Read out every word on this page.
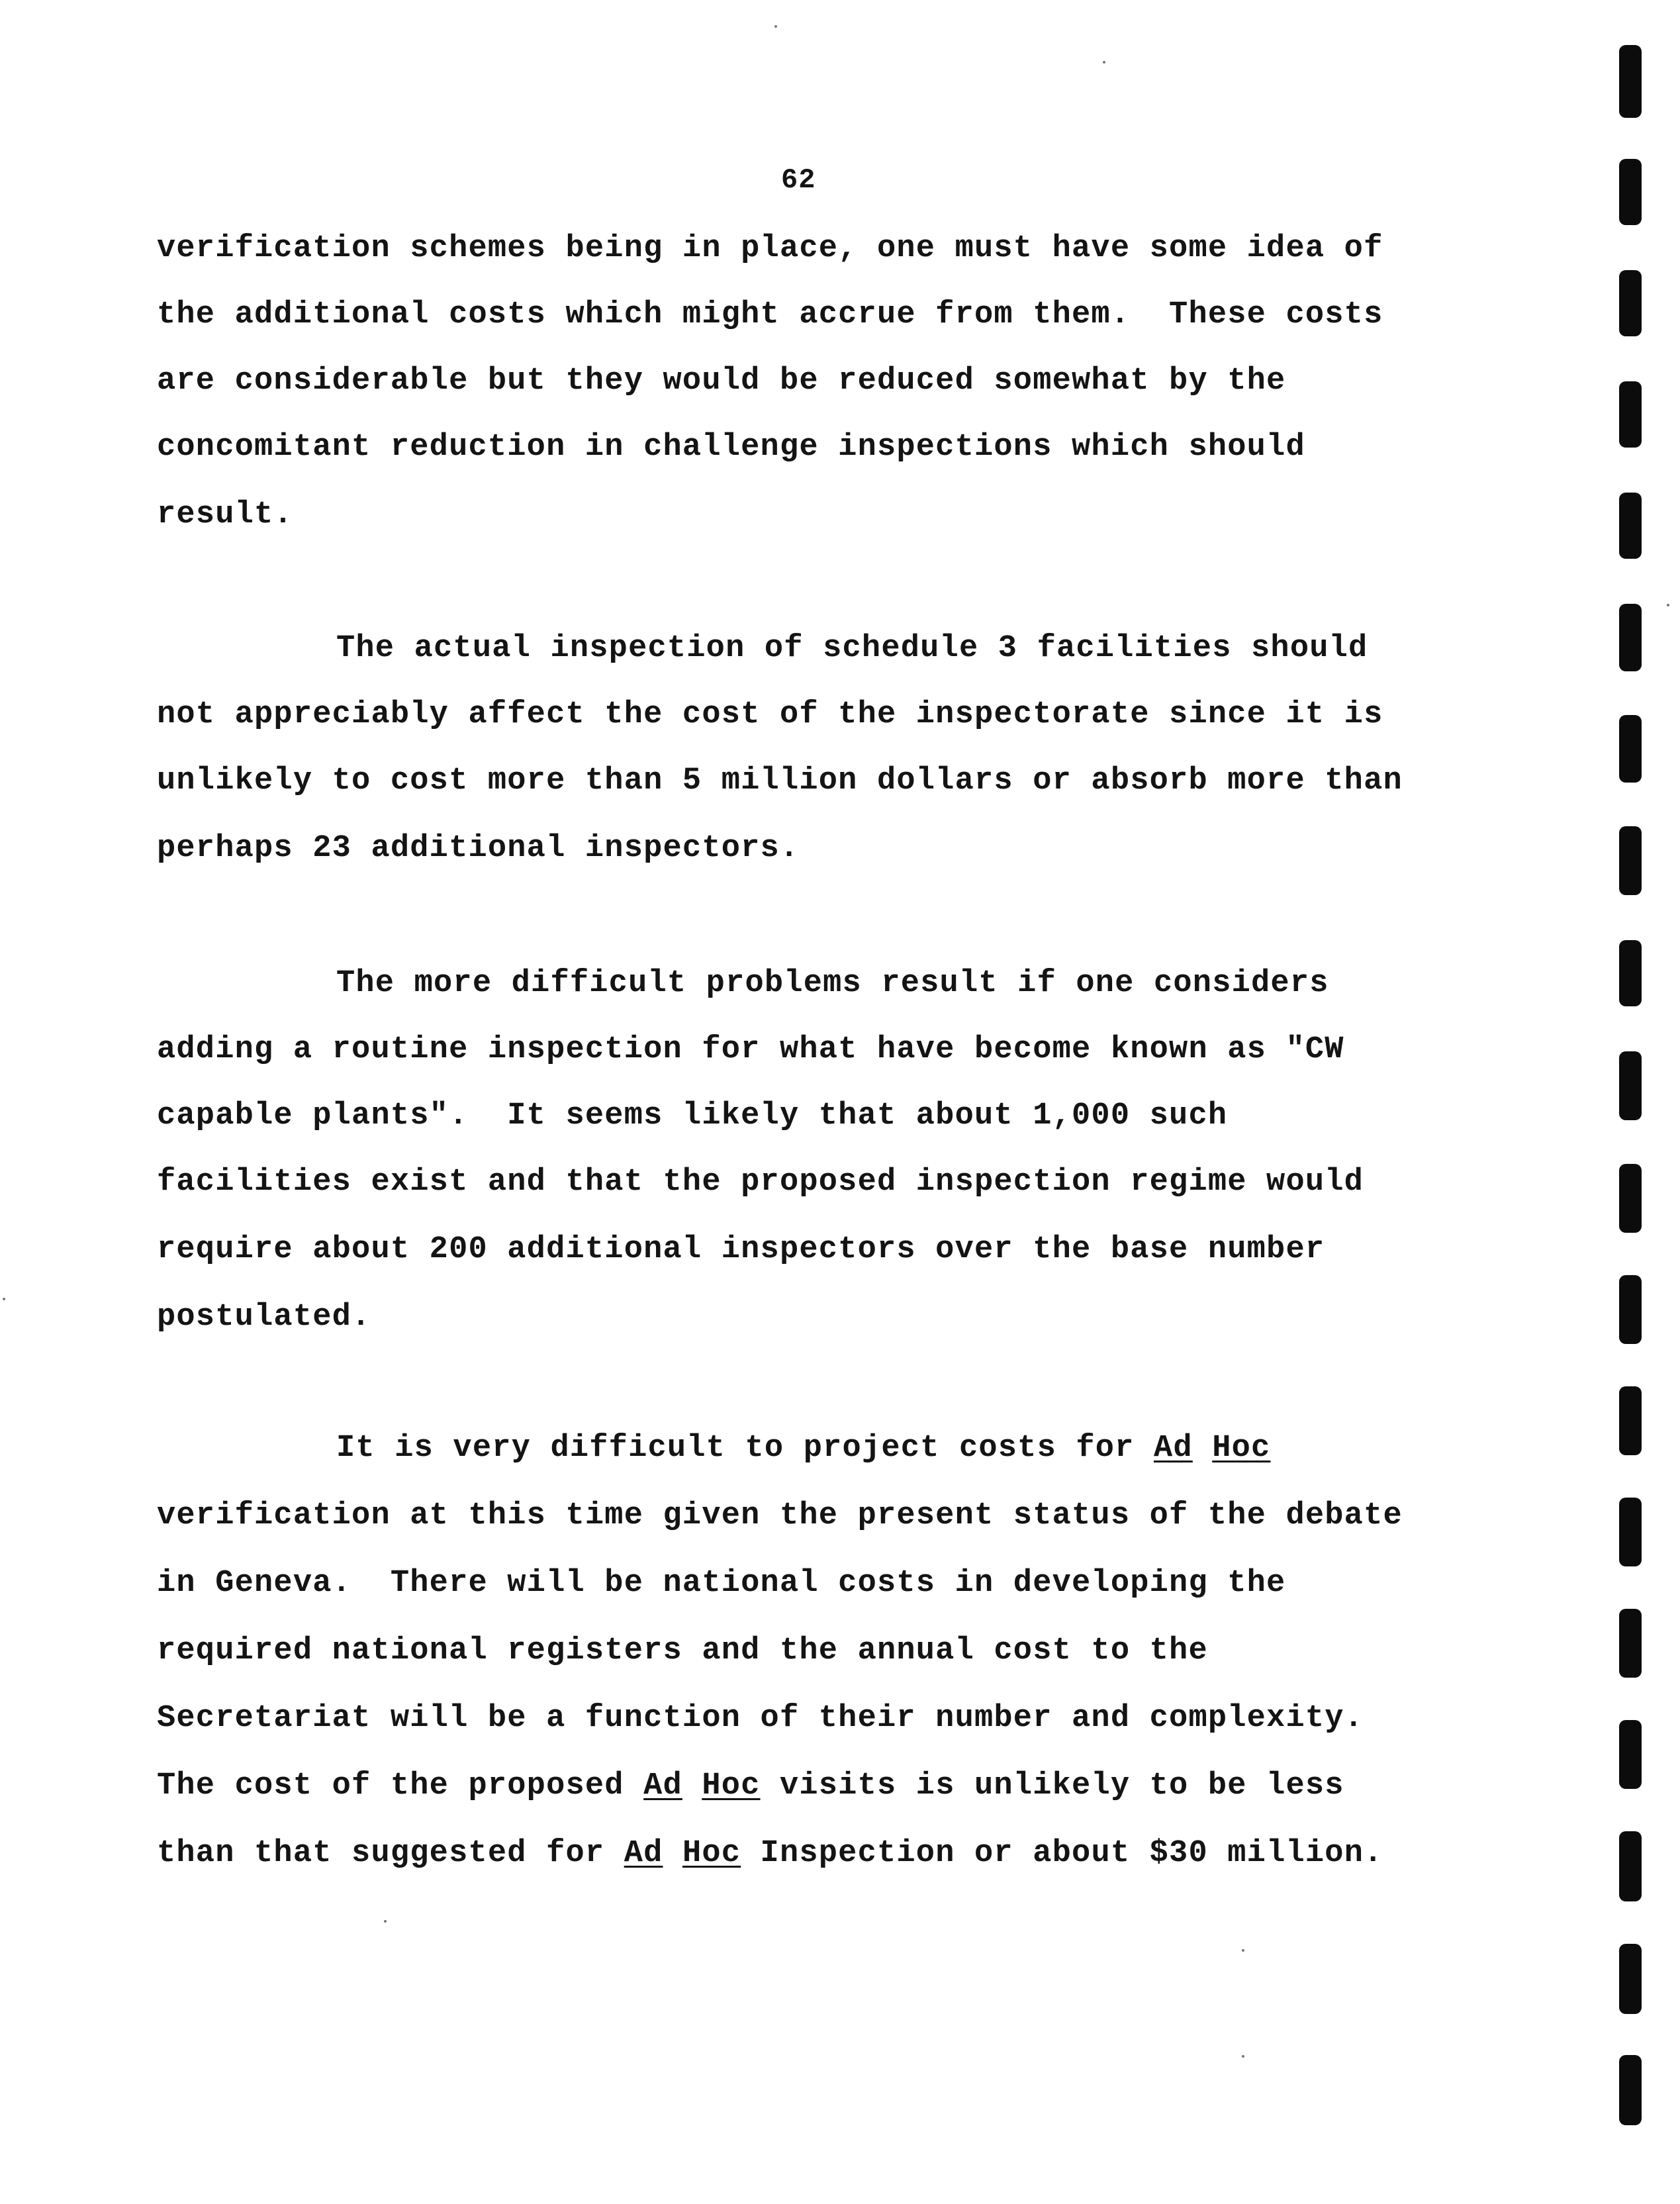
62
verification schemes being in place, one must have some idea of
the additional costs which might accrue from them.  These costs
are considerable but they would be reduced somewhat by the
concomitant reduction in challenge inspections which should
result.
The actual inspection of schedule 3 facilities should
not appreciably affect the cost of the inspectorate since it is
unlikely to cost more than 5 million dollars or absorb more than
perhaps 23 additional inspectors.
The more difficult problems result if one considers
adding a routine inspection for what have become known as "CW
capable plants".  It seems likely that about 1,000 such
facilities exist and that the proposed inspection regime would
require about 200 additional inspectors over the base number
postulated.
It is very difficult to project costs for Ad Hoc
verification at this time given the present status of the debate
in Geneva.  There will be national costs in developing the
required national registers and the annual cost to the
Secretariat will be a function of their number and complexity.
The cost of the proposed Ad Hoc visits is unlikely to be less
than that suggested for Ad Hoc Inspection or about $30 million.
